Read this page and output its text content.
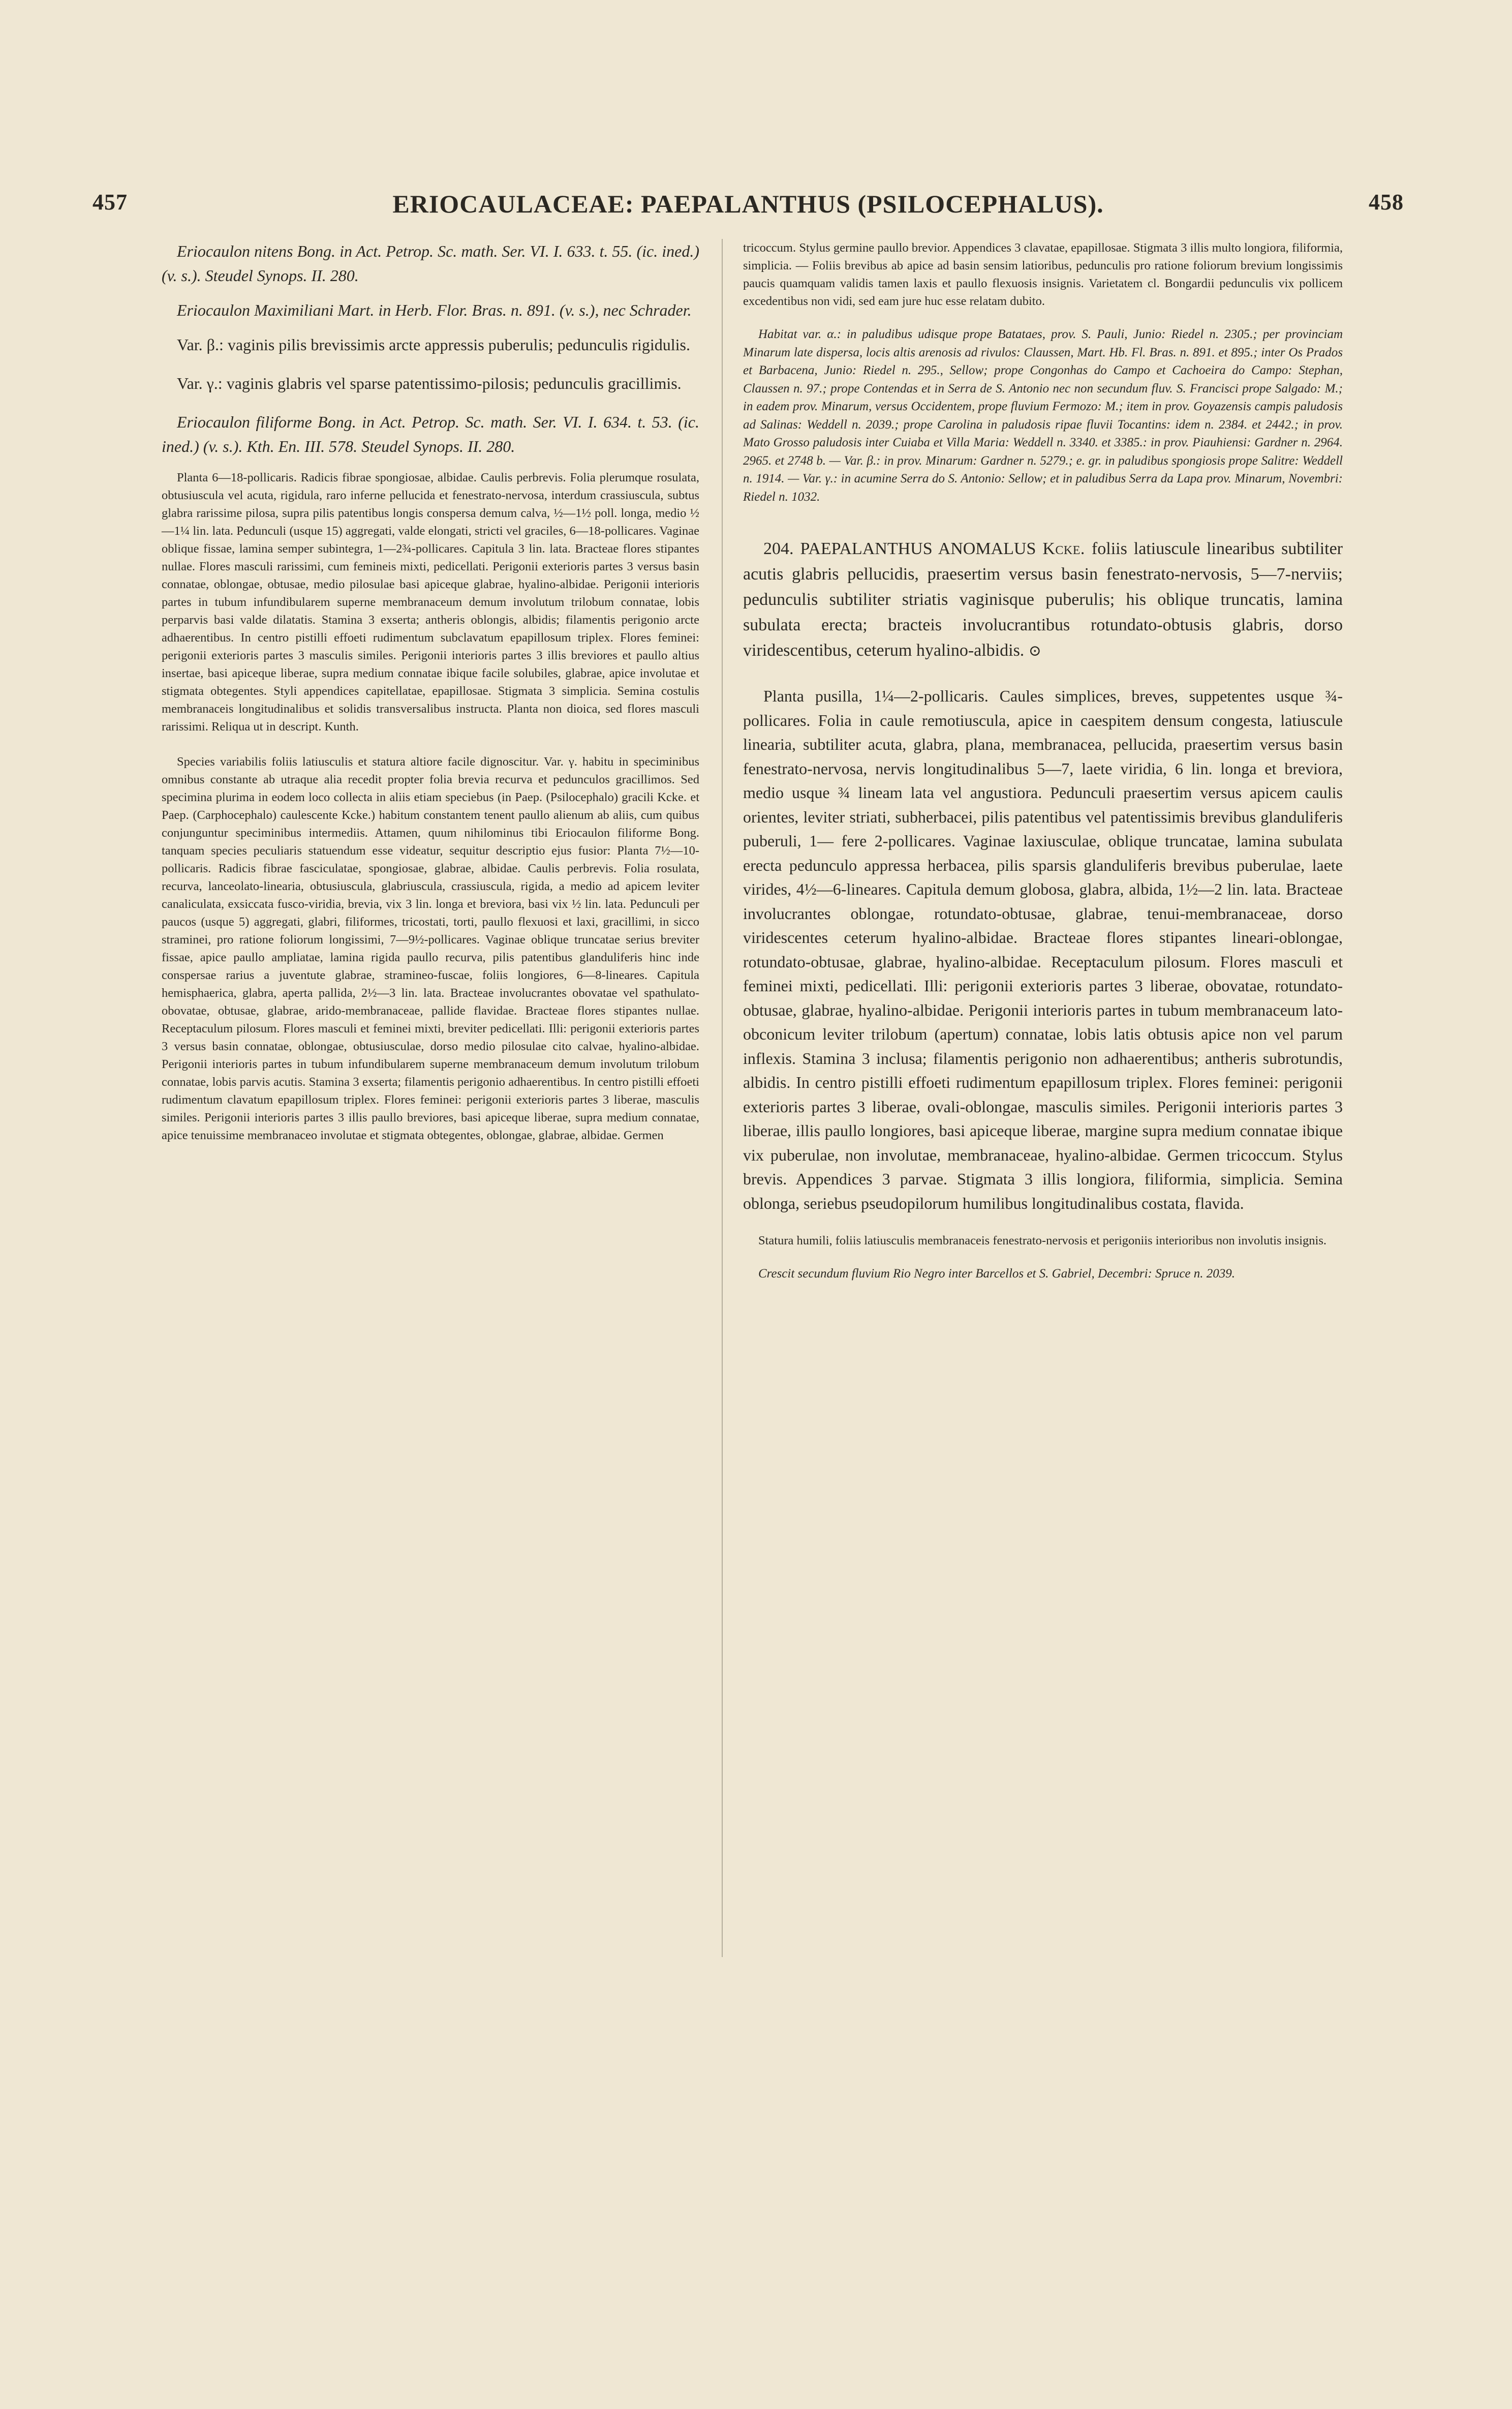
457	ERIOCAULACEAE: PAEPALANTHUS (PSILOCEPHALUS).	458

Eriocaulon nitens Bong. in Act. Petrop. Sc. math. Ser. VI. I. 633. t. 55. (ic. ined.) (v. s.). Steudel Synops. II. 280.

Eriocaulon Maximiliani Mart. in Herb. Flor. Bras. n. 891. (v. s.), nec Schrader.

Var. β.: vaginis pilis brevissimis arcte appressis puberulis; pedunculis rigidulis.

Var. γ.: vaginis glabris vel sparse patentissimo-pilosis; pedunculis gracillimis.

Eriocaulon filiforme Bong. in Act. Petrop. Sc. math. Ser. VI. I. 634. t. 53. (ic. ined.) (v. s.). Kth. En. III. 578. Steudel Synops. II. 280.

Planta 6—18-pollicaris. Radicis fibrae spongiosae, albidae. Caulis perbrevis. Folia plerumque rosulata, obtusiuscula vel acuta, rigidula, raro inferne pellucida et fenestrato-nervosa, interdum crassiuscula, subtus glabra rarissime pilosa, supra pilis patentibus longis conspersa demum calva, ½—1½ poll. longa, medio ½—1¼ lin. lata. Pedunculi (usque 15) aggregati, valde elongati, stricti vel graciles, 6—18-pollicares. Vaginae oblique fissae, lamina semper subintegra, 1—2¾-pollicares. Capitula 3 lin. lata. Bracteae flores stipantes nullae. Flores masculi rarissimi, cum femineis mixti, pedicellati. Perigonii exterioris partes 3 versus basin connatae, oblongae, obtusae, medio pilosulae basi apiceque glabrae, hyalino-albidae. Perigonii interioris partes in tubum infundibularem superne membranaceum demum involutum trilobum connatae, lobis perparvis basi valde dilatatis. Stamina 3 exserta; antheris oblongis, albidis; filamentis perigonio arcte adhaerentibus. In centro pistilli effoeti rudimentum subclavatum epapillosum triplex. Flores feminei: perigonii exterioris partes 3 masculis similes. Perigonii interioris partes 3 illis breviores et paullo altius insertae, basi apiceque liberae, supra medium connatae ibique facile solubiles, glabrae, apice involutae et stigmata obtegentes. Styli appendices capitellatae, epapillosae. Stigmata 3 simplicia. Semina costulis membranaceis longitudinalibus et solidis transversalibus instructa. Planta non dioica, sed flores masculi rarissimi. Reliqua ut in descript. Kunth.

Species variabilis foliis latiusculis et statura altiore facile dignoscitur. Var. γ. habitu in speciminibus omnibus constante ab utraque alia recedit propter folia brevia recurva et pedunculos gracillimos. Sed specimina plurima in eodem loco collecta in aliis etiam speciebus (in Paep. (Psilocephalo) gracili Kcke. et Paep. (Carphocephalo) caulescente Kcke.) habitum constantem tenent paullo alienum ab aliis, cum quibus conjunguntur speciminibus intermediis. Attamen, quum nihilominus tibi Eriocaulon filiforme Bong. tanquam species peculiaris statuendum esse videatur, sequitur descriptio ejus fusior: Planta 7½—10-pollicaris. Radicis fibrae fasciculatae, spongiosae, glabrae, albidae. Caulis perbrevis. Folia rosulata, recurva, lanceolato-linearia, obtusiuscula, glabriuscula, crassiuscula, rigida, a medio ad apicem leviter canaliculata, exsiccata fusco-viridia, brevia, vix 3 lin. longa et breviora, basi vix ½ lin. lata. Pedunculi per paucos (usque 5) aggregati, glabri, filiformes, tricostati, torti, paullo flexuosi et laxi, gracillimi, in sicco straminei, pro ratione foliorum longissimi, 7—9½-pollicares. Vaginae oblique truncatae serius breviter fissae, apice paullo ampliatae, lamina rigida paullo recurva, pilis patentibus glanduliferis hinc inde conspersae rarius a juventute glabrae, stramineo-fuscae, foliis longiores, 6—8-lineares. Capitula hemisphaerica, glabra, aperta pallida, 2½—3 lin. lata. Bracteae involucrantes obovatae vel spathulato-obovatae, obtusae, glabrae, arido-membranaceae, pallide flavidae. Bracteae flores stipantes nullae. Receptaculum pilosum. Flores masculi et feminei mixti, breviter pedicellati. Illi: perigonii exterioris partes 3 versus basin connatae, oblongae, obtusiusculae, dorso medio pilosulae cito calvae, hyalino-albidae. Perigonii interioris partes in tubum infundibularem superne membranaceum demum involutum trilobum connatae, lobis parvis acutis. Stamina 3 exserta; filamentis perigonio adhaerentibus. In centro pistilli effoeti rudimentum clavatum epapillosum triplex. Flores feminei: perigonii exterioris partes 3 liberae, masculis similes. Perigonii interioris partes 3 illis paullo breviores, basi apiceque liberae, supra medium connatae, apice tenuissime membranaceo involutae et stigmata obtegentes, oblongae, glabrae, albidae. Germen

tricoccum. Stylus germine paullo brevior. Appendices 3 clavatae, epapillosae. Stigmata 3 illis multo longiora, filiformia, simplicia. — Foliis brevibus ab apice ad basin sensim latioribus, pedunculis pro ratione foliorum brevium longissimis paucis quamquam validis tamen laxis et paullo flexuosis insignis. Varietatem cl. Bongardii pedunculis vix pollicem excedentibus non vidi, sed eam jure huc esse relatam dubito.

Habitat var. α.: in paludibus udisque prope Batataes, prov. S. Pauli, Junio: Riedel n. 2305.; per provinciam Minarum late dispersa, locis altis arenosis ad rivulos: Claussen, Mart. Hb. Fl. Bras. n. 891. et 895.; inter Os Prados et Barbacena, Junio: Riedel n. 295., Sellow; prope Congonhas do Campo et Cachoeira do Campo: Stephan, Claussen n. 97.; prope Contendas et in Serra de S. Antonio nec non secundum fluv. S. Francisci prope Salgado: M.; in eadem prov. Minarum, versus Occidentem, prope fluvium Fermozo: M.; item in prov. Goyazensis campis paludosis ad Salinas: Weddell n. 2039.; prope Carolina in paludosis ripae fluvii Tocantins: idem n. 2384. et 2442.; in prov. Mato Grosso paludosis inter Cuiaba et Villa Maria: Weddell n. 3340. et 3385.: in prov. Piauhiensi: Gardner n. 2964. 2965. et 2748 b. — Var. β.: in prov. Minarum: Gardner n. 5279.; e. gr. in paludibus spongiosis prope Salitre: Weddell n. 1914. — Var. γ.: in acumine Serra do S. Antonio: Sellow; et in paludibus Serra da Lapa prov. Minarum, Novembri: Riedel n. 1032.

204. PAEPALANTHUS ANOMALUS Kcke. foliis latiuscule linearibus subtiliter acutis glabris pellucidis, praesertim versus basin fenestrato-nervosis, 5—7-nerviis; pedunculis subtiliter striatis vaginisque puberulis; his oblique truncatis, lamina subulata erecta; bracteis involucrantibus rotundato-obtusis glabris, dorso viridescentibus, ceterum hyalino-albidis. ⊙

Planta pusilla, 1¼—2-pollicaris. Caules simplices, breves, suppetentes usque ¾-pollicares. Folia in caule remotiuscula, apice in caespitem densum congesta, latiuscule linearia, subtiliter acuta, glabra, plana, membranacea, pellucida, praesertim versus basin fenestrato-nervosa, nervis longitudinalibus 5—7, laete viridia, 6 lin. longa et breviora, medio usque ¾ lineam lata vel angustiora. Pedunculi praesertim versus apicem caulis orientes, leviter striati, subherbacei, pilis patentibus vel patentissimis brevibus glanduliferis puberuli, 1— fere 2-pollicares. Vaginae laxiusculae, oblique truncatae, lamina subulata erecta pedunculo appressa herbacea, pilis sparsis glanduliferis brevibus puberulae, laete virides, 4½—6-lineares. Capitula demum globosa, glabra, albida, 1½—2 lin. lata. Bracteae involucrantes oblongae, rotundato-obtusae, glabrae, tenui-membranaceae, dorso viridescentes ceterum hyalino-albidae. Bracteae flores stipantes lineari-oblongae, rotundato-obtusae, glabrae, hyalino-albidae. Receptaculum pilosum. Flores masculi et feminei mixti, pedicellati. Illi: perigonii exterioris partes 3 liberae, obovatae, rotundato-obtusae, glabrae, hyalino-albidae. Perigonii interioris partes in tubum membranaceum lato-obconicum leviter trilobum (apertum) connatae, lobis latis obtusis apice non vel parum inflexis. Stamina 3 inclusa; filamentis perigonio non adhaerentibus; antheris subrotundis, albidis. In centro pistilli effoeti rudimentum epapillosum triplex. Flores feminei: perigonii exterioris partes 3 liberae, ovali-oblongae, masculis similes. Perigonii interioris partes 3 liberae, illis paullo longiores, basi apiceque liberae, margine supra medium connatae ibique vix puberulae, non involutae, membranaceae, hyalino-albidae. Germen tricoccum. Stylus brevis. Appendices 3 parvae. Stigmata 3 illis longiora, filiformia, simplicia. Semina oblonga, seriebus pseudopilorum humilibus longitudinalibus costata, flavida.

Statura humili, foliis latiusculis membranaceis fenestrato-nervosis et perigoniis interioribus non involutis insignis.

Crescit secundum fluvium Rio Negro inter Barcellos et S. Gabriel, Decembri: Spruce n. 2039.
